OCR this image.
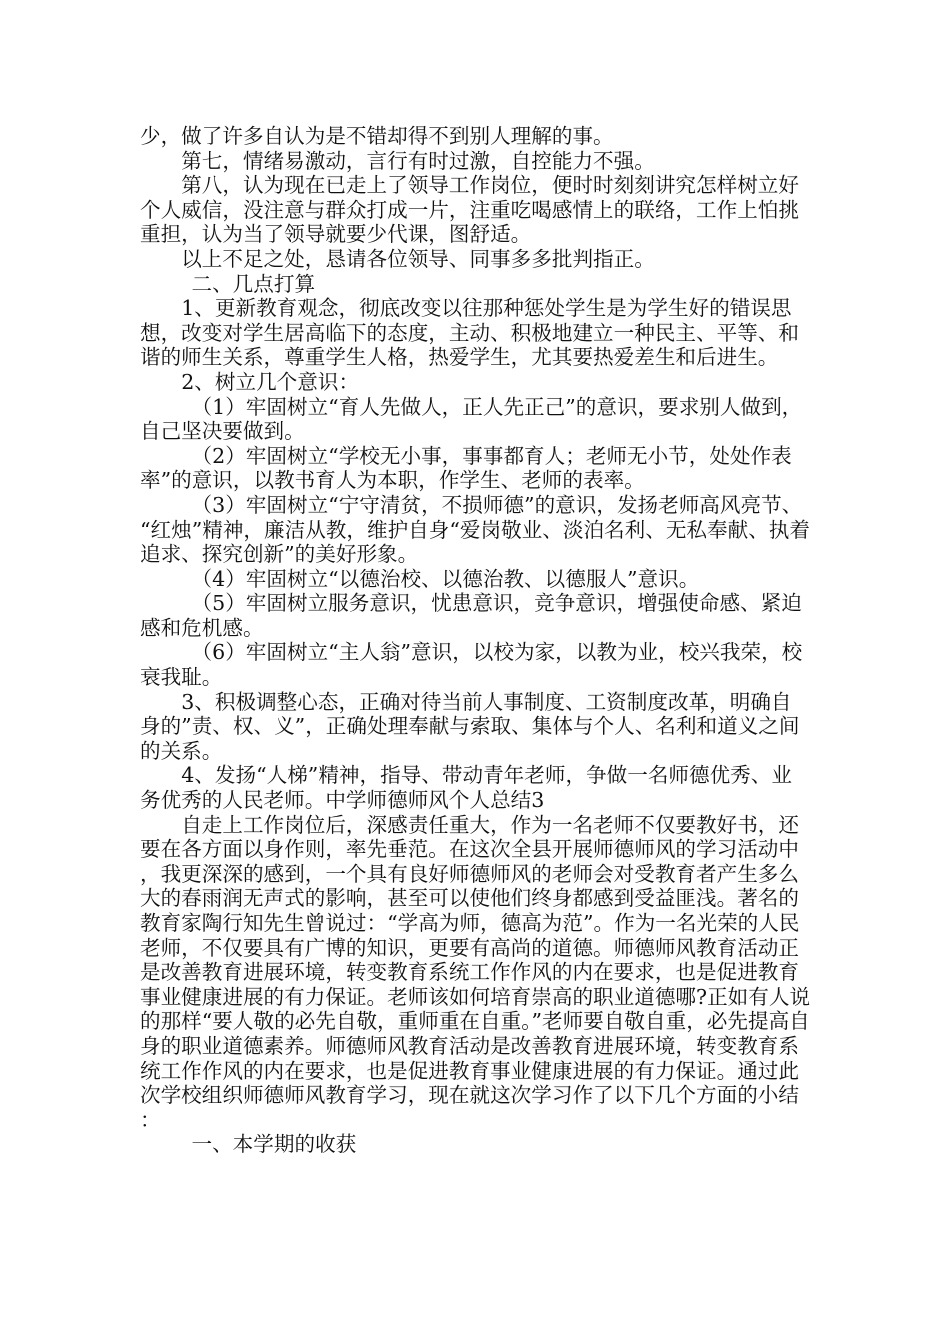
少，做了许多自认为是不错却得不到别人理解的事。

第七，情绪易激动，言行有时过激，自控能力不强。

第八，认为现在已走上了领导工作岗位，便时时刻刻讲究怎样树立好个人威信，没注意与群众打成一片，注重吃喝感情上的联络，工作上怕挑重担，认为当了领导就要少代课，图舒适。

以上不足之处，恳请各位领导、同事多多批判指正。

二、几点打算

1、更新教育观念，彻底改变以往那种惩处学生是为学生好的错误思想，改变对学生居高临下的态度，主动、积极地建立一种民主、平等、和谐的师生关系，尊重学生人格，热爱学生，尤其要热爱差生和后进生。

2、树立几个意识：

（1）牢固树立“育人先做人，正人先正己”的意识，要求别人做到，自己坚决要做到。

（2）牢固树立“学校无小事，事事都育人；老师无小节，处处作表率”的意识，以教书育人为本职，作学生、老师的表率。

（3）牢固树立“宁守清贫，不损师德”的意识，发扬老师高风亮节、“红烛”精神，廉洁从教，维护自身“爱岗敬业、淡泊名利、无私奉献、执着追求、探究创新”的美好形象。

（4）牢固树立“以德治校、以德治教、以德服人”意识。

（5）牢固树立服务意识，忧患意识，竞争意识，增强使命感、紧迫感和危机感。

（6）牢固树立“主人翁”意识，以校为家，以教为业，校兴我荣，校衰我耻。

3、积极调整心态，正确对待当前人事制度、工资制度改革，明确自身的”责、权、义”，正确处理奉献与索取、集体与个人、名利和道义之间的关系。

4、发扬“人梯”精神，指导、带动青年老师，争做一名师德优秀、业务优秀的人民老师。中学师德师风个人总结3

自走上工作岗位后，深感责任重大，作为一名老师不仅要教好书，还要在各方面以身作则，率先垂范。在这次全县开展师德师风的学习活动中，我更深深的感到，一个具有良好师德师风的老师会对受教育者产生多么大的春雨润无声式的影响，甚至可以使他们终身都感到受益匪浅。著名的教育家陶行知先生曾说过：“学高为师，德高为范”。作为一名光荣的人民老师，不仅要具有广博的知识，更要有高尚的道德。师德师风教育活动正是改善教育进展环境，转变教育系统工作作风的内在要求，也是促进教育事业健康进展的有力保证。老师该如何培育崇高的职业道德哪?正如有人说的那样“要人敬的必先自敬，重师重在自重。”老师要自敬自重，必先提高自身的职业道德素养。师德师风教育活动是改善教育进展环境，转变教育系统工作作风的内在要求，也是促进教育事业健康进展的有力保证。通过此次学校组织师德师风教育学习，现在就这次学习作了以下几个方面的小结：

一、本学期的收获
